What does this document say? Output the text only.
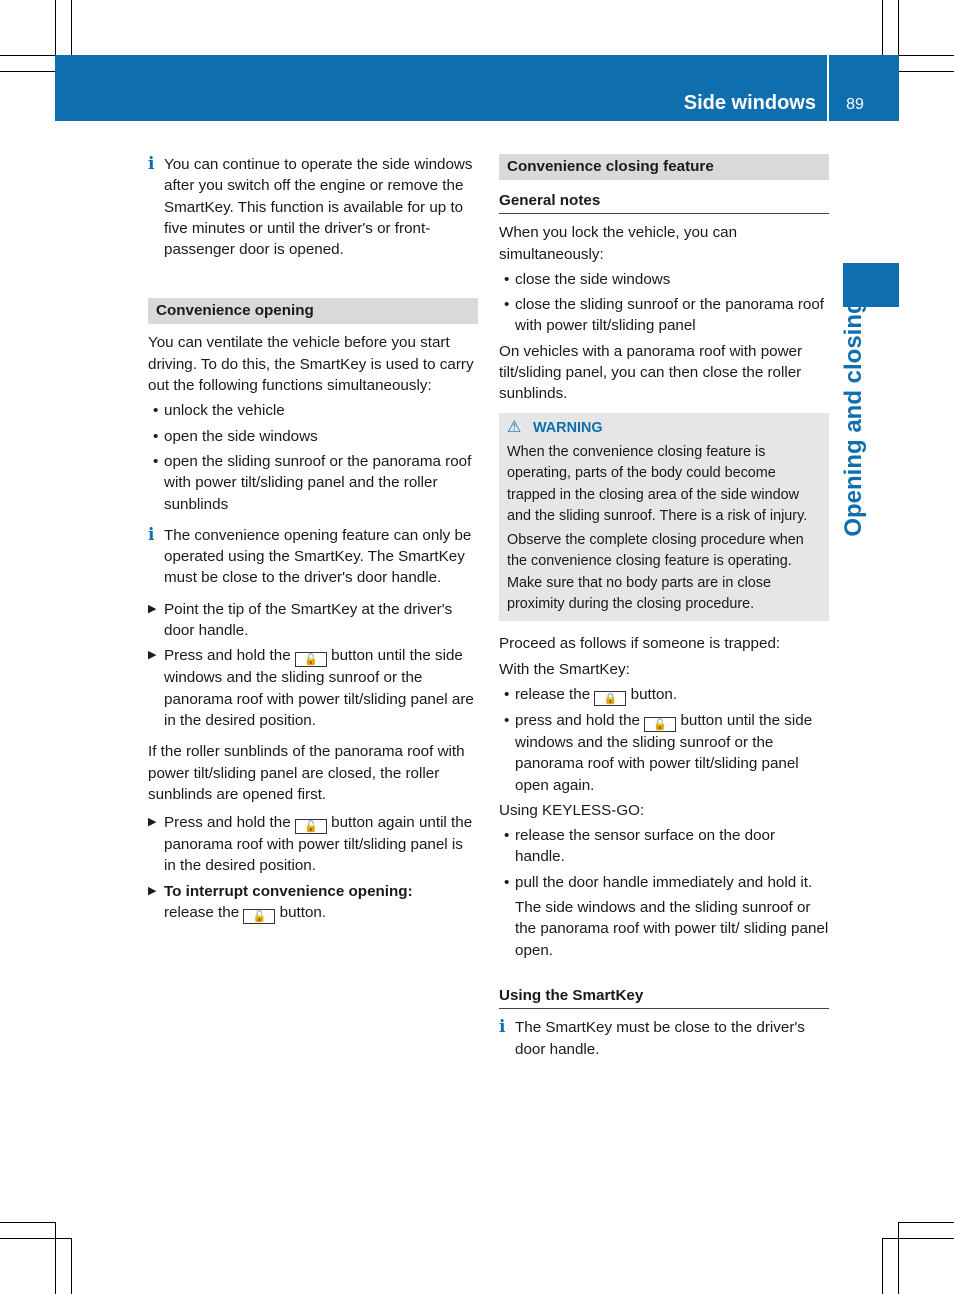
Side windows	89
Opening and closing

i You can continue to operate the side windows after you switch off the engine or remove the SmartKey. This function is available for up to five minutes or until the driver's or front-passenger door is opened.

Convenience opening

You can ventilate the vehicle before you start driving. To do this, the SmartKey is used to carry out the following functions simultaneously:

• unlock the vehicle
• open the side windows
• open the sliding sunroof or the panorama roof with power tilt/sliding panel and the roller sunblinds

i The convenience opening feature can only be operated using the SmartKey. The SmartKey must be close to the driver's door handle.

▶ Point the tip of the SmartKey at the driver's door handle.

▶ Press and hold the 🔓 button until the side windows and the sliding sunroof or the panorama roof with power tilt/sliding panel are in the desired position.

If the roller sunblinds of the panorama roof with power tilt/sliding panel are closed, the roller sunblinds are opened first.

▶ Press and hold the 🔓 button again until the panorama roof with power tilt/sliding panel is in the desired position.

▶ To interrupt convenience opening:
release the 🔓 button.

Convenience closing feature
General notes

When you lock the vehicle, you can simultaneously:

• close the side windows
• close the sliding sunroof or the panorama roof with power tilt/sliding panel

On vehicles with a panorama roof with power tilt/sliding panel, you can then close the roller sunblinds.

⚠ WARNING

When the convenience closing feature is operating, parts of the body could become trapped in the closing area of the side window and the sliding sunroof. There is a risk of injury.

Observe the complete closing procedure when the convenience closing feature is operating. Make sure that no body parts are in close proximity during the closing procedure.

Proceed as follows if someone is trapped:

With the SmartKey:

• release the 🔒 button.
• press and hold the 🔓 button until the side windows and the sliding sunroof or the panorama roof with power tilt/sliding panel open again.

Using KEYLESS-GO:

• release the sensor surface on the door handle.
• pull the door handle immediately and hold it.

The side windows and the sliding sunroof or the panorama roof with power tilt/ sliding panel open.

Using the SmartKey

i The SmartKey must be close to the driver's door handle.
